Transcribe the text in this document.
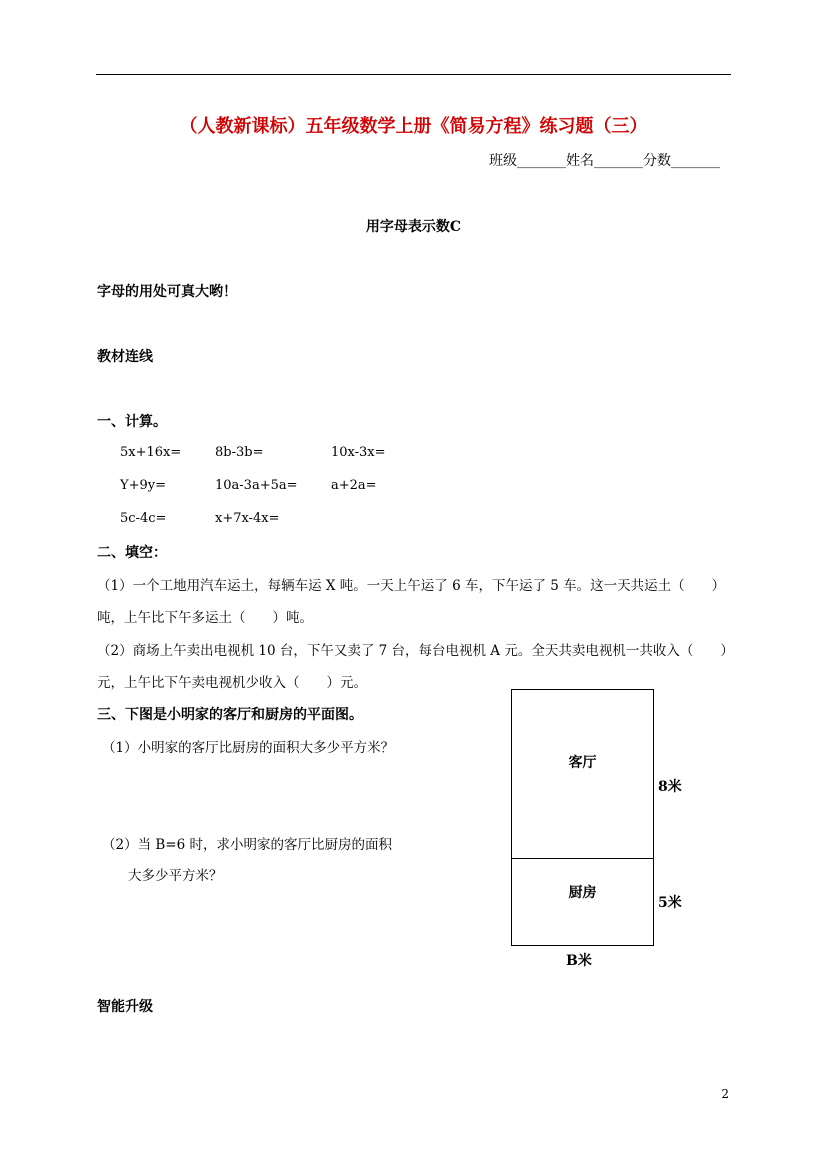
（人教新课标）五年级数学上册《简易方程》练习题（三）
班级_______姓名_______分数_______
用字母表示数C
字母的用处可真大哟！
教材连线
一、计算。
5x+16x=	8b-3b=	10x-3x=
Y+9y=	10a-3a+5a=	a+2a=
5c-4c=	x+7x-4x=
二、填空：
（1）一个工地用汽车运土，每辆车运 X 吨。一天上午运了 6 车，下午运了 5 车。这一天共运土（　　）
吨，上午比下午多运土（　　）吨。
（2）商场上午卖出电视机 10 台，下午又卖了 7 台，每台电视机 A 元。全天共卖电视机一共收入（　　）
元，上午比下午卖电视机少收入（　　）元。
三、下图是小明家的客厅和厨房的平面图。
（1）小明家的客厅比厨房的面积大多少平方米？
（2）当 B=6 时，求小明家的客厅比厨房的面积
大多少平方米？
客厅
厨房
8米
5米
B米
智能升级
2
